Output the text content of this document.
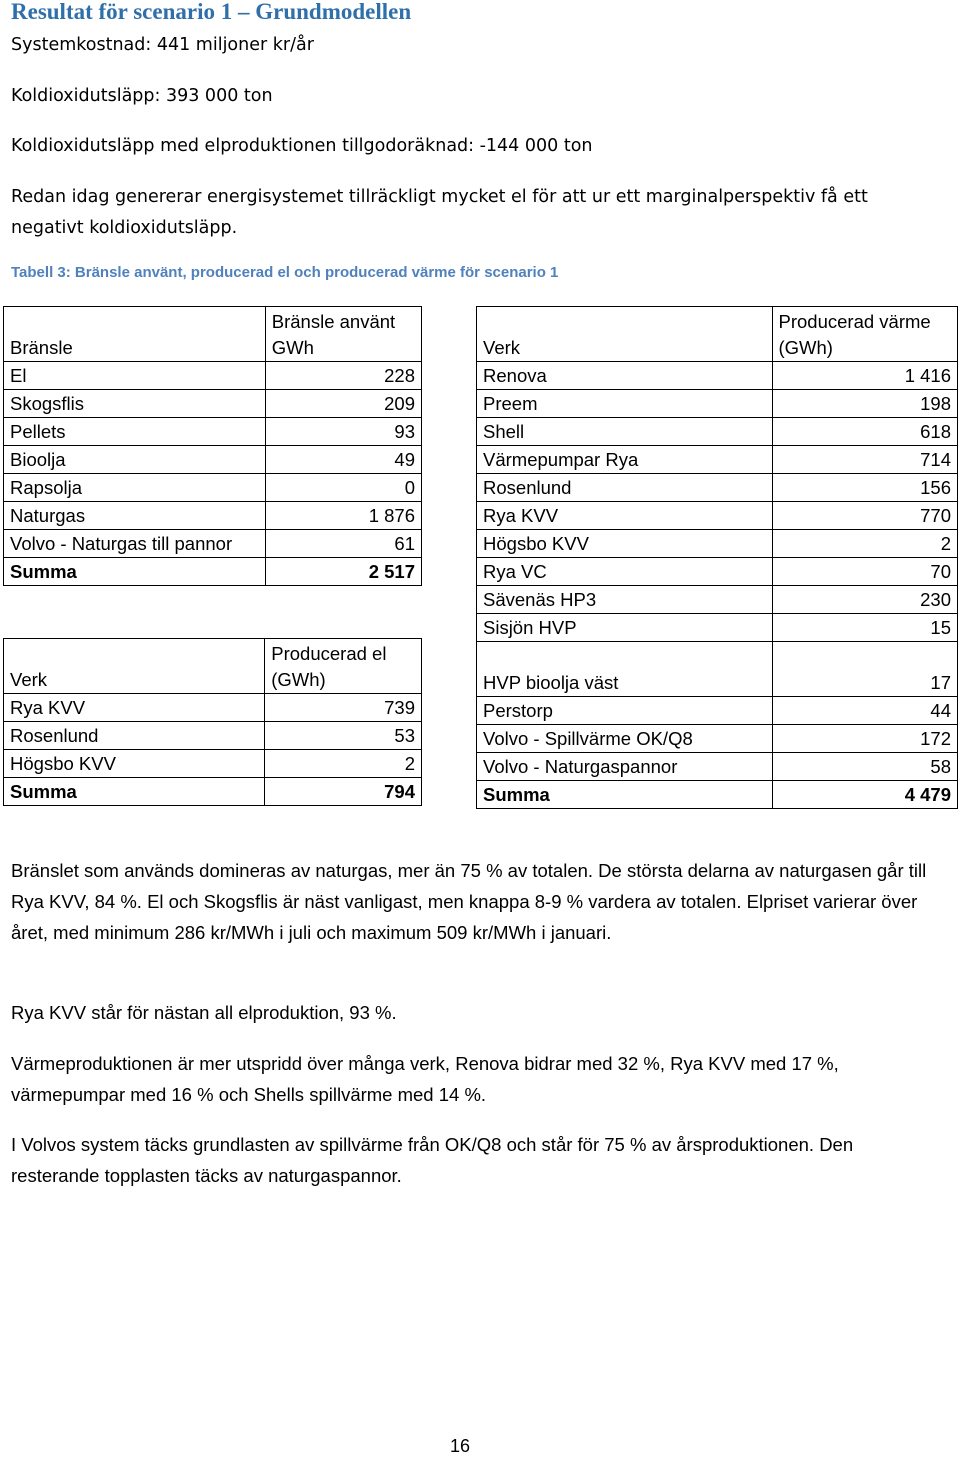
Resultat för scenario 1 – Grundmodellen
Systemkostnad: 441 miljoner kr/år
Koldioxidutsläpp: 393 000 ton
Koldioxidutsläpp med elproduktionen tillgodoräknad: -144 000 ton
Redan idag genererar energisystemet tillräckligt mycket el för att ur ett marginalperspektiv få ett negativt koldioxidutsläpp.
Tabell 3: Bränsle använt, producerad el och producerad värme för scenario 1
Bränsle	Bränsle använt GWh
El	228
Skogsflis	209
Pellets	93
Bioolja	49
Rapsolja	0
Naturgas	1 876
Volvo - Naturgas till pannor	61
Summa	2 517
Verk	Producerad el (GWh)
Rya KVV	739
Rosenlund	53
Högsbo KVV	2
Summa	794
Verk	Producerad värme (GWh)
Renova	1 416
Preem	198
Shell	618
Värmepumpar Rya	714
Rosenlund	156
Rya KVV	770
Högsbo KVV	2
Rya VC	70
Sävenäs HP3	230
Sisjön HVP	15
HVP bioolja väst	17
Perstorp	44
Volvo - Spillvärme OK/Q8	172
Volvo - Naturgaspannor	58
Summa	4 479
Bränslet som används domineras av naturgas, mer än 75 % av totalen. De största delarna av naturgasen går till Rya KVV, 84 %. El och Skogsflis är näst vanligast, men knappa 8-9 % vardera av totalen. Elpriset varierar över året, med minimum 286 kr/MWh i juli och maximum 509 kr/MWh i januari.
Rya KVV står för nästan all elproduktion, 93 %.
Värmeproduktionen är mer utspridd över många verk, Renova bidrar med 32 %, Rya KVV med 17 %, värmepumpar med 16 % och Shells spillvärme med 14 %.
I Volvos system täcks grundlasten av spillvärme från OK/Q8 och står för 75 % av årsproduktionen. Den resterande topplasten täcks av naturgaspannor.
16
